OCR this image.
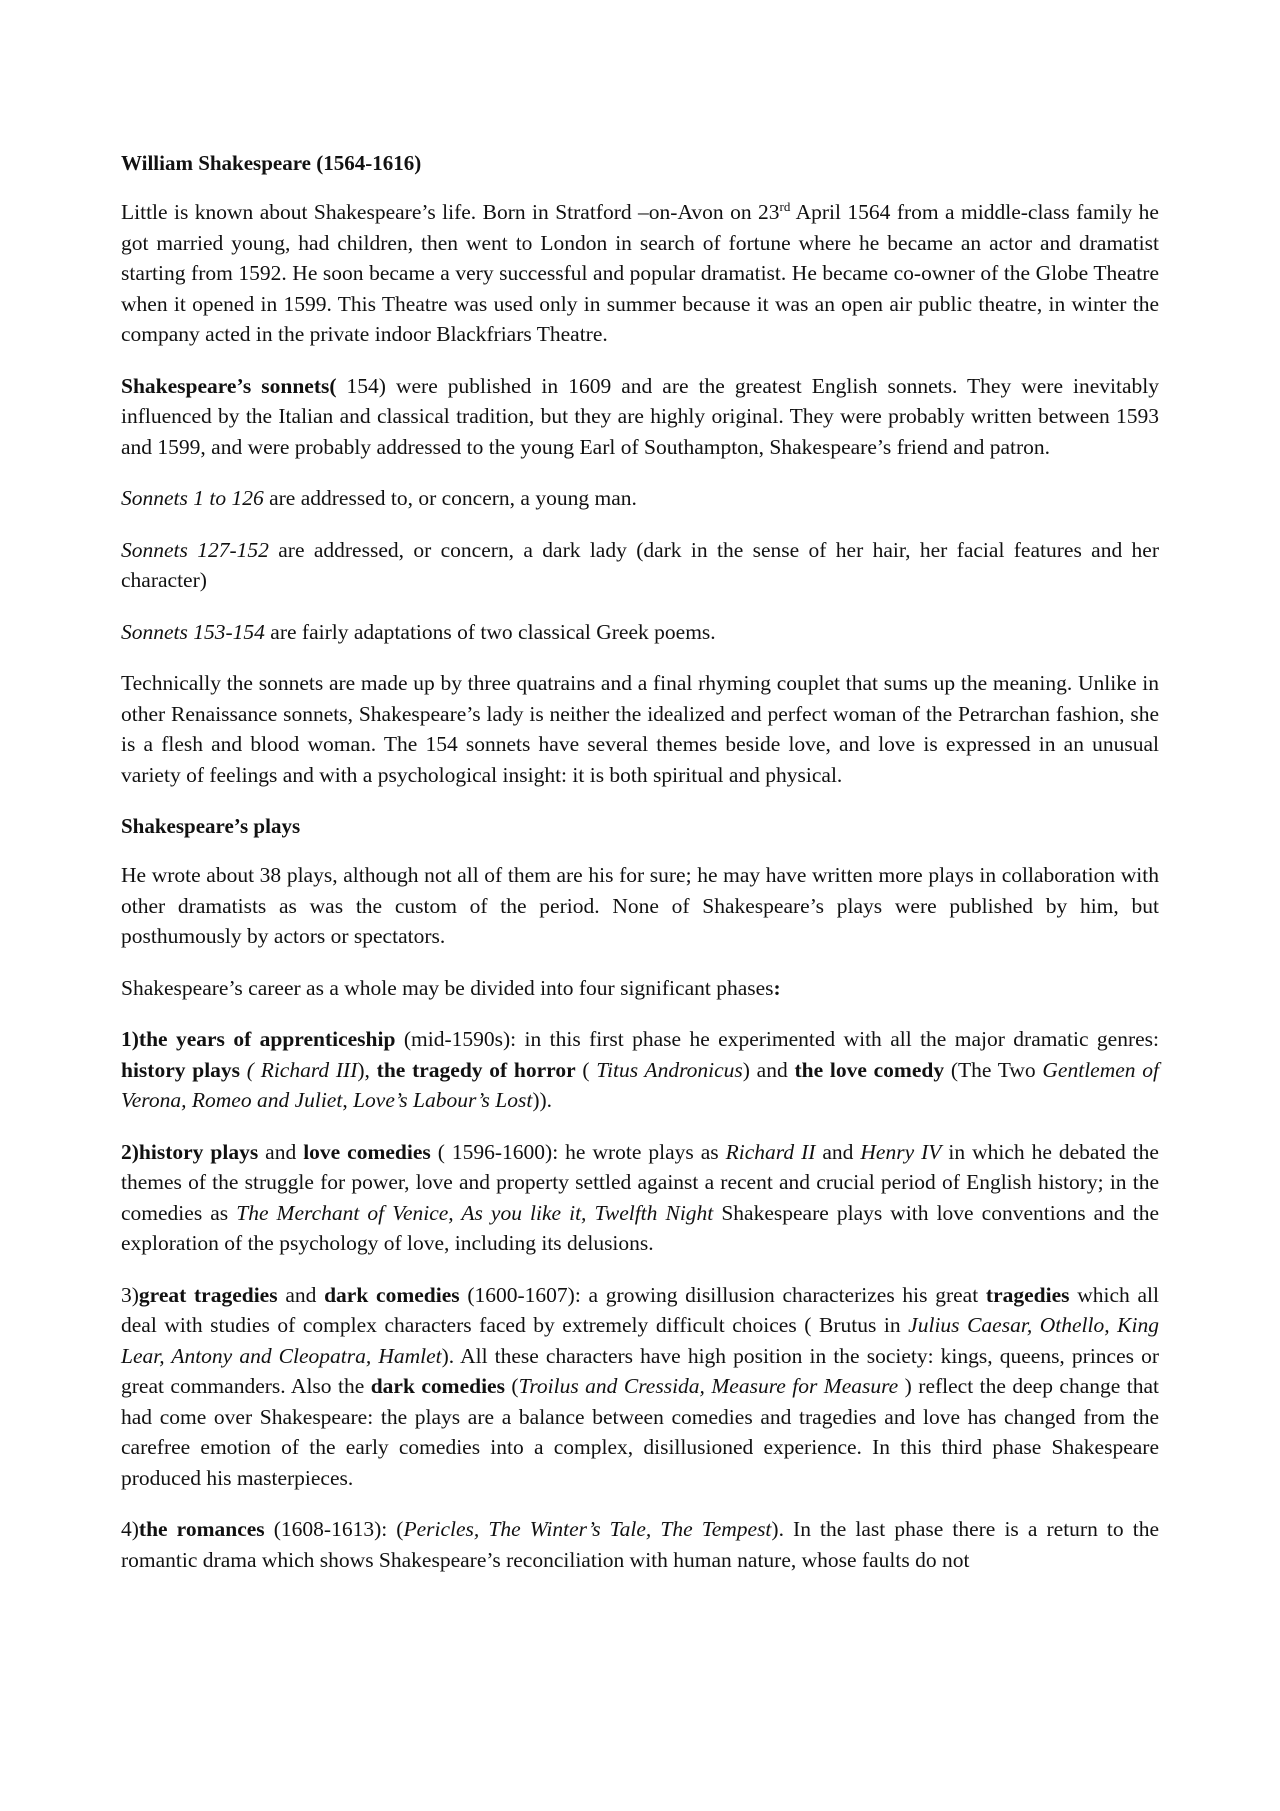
William Shakespeare (1564-1616)

Little is known about Shakespeare’s life. Born in Stratford –on-Avon on 23rd April 1564 from a middle-class family he got married young, had children, then went to London in search of fortune where he became an actor and dramatist starting from 1592. He soon became a very successful and popular dramatist. He became co-owner of the Globe Theatre when it opened in 1599. This Theatre was used only in summer because it was an open air public theatre, in winter the company acted in the private indoor Blackfriars Theatre.

Shakespeare’s sonnets( 154) were published in 1609 and are the greatest English sonnets. They were inevitably influenced by the Italian and classical tradition, but they are highly original. They were probably written between 1593 and 1599, and were probably addressed to the young Earl of Southampton, Shakespeare’s friend and patron.

Sonnets 1 to 126 are addressed to, or concern, a young man.

Sonnets 127-152 are addressed, or concern, a dark lady (dark in the sense of her hair, her facial features and her character)

Sonnets 153-154 are fairly adaptations of two classical Greek poems.

Technically the sonnets are made up by three quatrains and a final rhyming couplet that sums up the meaning. Unlike in other Renaissance sonnets, Shakespeare’s lady is neither the idealized and perfect woman of the Petrarchan fashion, she is a flesh and blood woman. The 154 sonnets have several themes beside love, and love is expressed in an unusual variety of feelings and with a psychological insight: it is both spiritual and physical.

Shakespeare’s plays

He wrote about 38 plays, although not all of them are his for sure; he may have written more plays in collaboration with other dramatists as was the custom of the period. None of Shakespeare’s plays were published by him, but posthumously by actors or spectators.

Shakespeare’s career as a whole may be divided into four significant phases:

1)the years of apprenticeship (mid-1590s): in this first phase he experimented with all the major dramatic genres: history plays ( Richard III), the tragedy of horror ( Titus Andronicus) and the love comedy (The Two Gentlemen of Verona, Romeo and Juliet, Love’s Labour’s Lost)).

2)history plays and love comedies ( 1596-1600): he wrote plays as Richard II and Henry IV in which he debated the themes of the struggle for power, love and property settled against a recent and crucial period of English history; in the comedies as The Merchant of Venice, As you like it, Twelfth Night Shakespeare plays with love conventions and the exploration of the psychology of love, including its delusions.

3)great tragedies and dark comedies (1600-1607): a growing disillusion characterizes his great tragedies which all deal with studies of complex characters faced by extremely difficult choices ( Brutus in Julius Caesar, Othello, King Lear, Antony and Cleopatra, Hamlet). All these characters have high position in the society: kings, queens, princes or great commanders. Also the dark comedies (Troilus and Cressida, Measure for Measure ) reflect the deep change that had come over Shakespeare: the plays are a balance between comedies and tragedies and love has changed from the carefree emotion of the early comedies into a complex, disillusioned experience. In this third phase Shakespeare produced his masterpieces.

4)the romances (1608-1613): (Pericles, The Winter’s Tale, The Tempest). In the last phase there is a return to the romantic drama which shows Shakespeare’s reconciliation with human nature, whose faults do not
